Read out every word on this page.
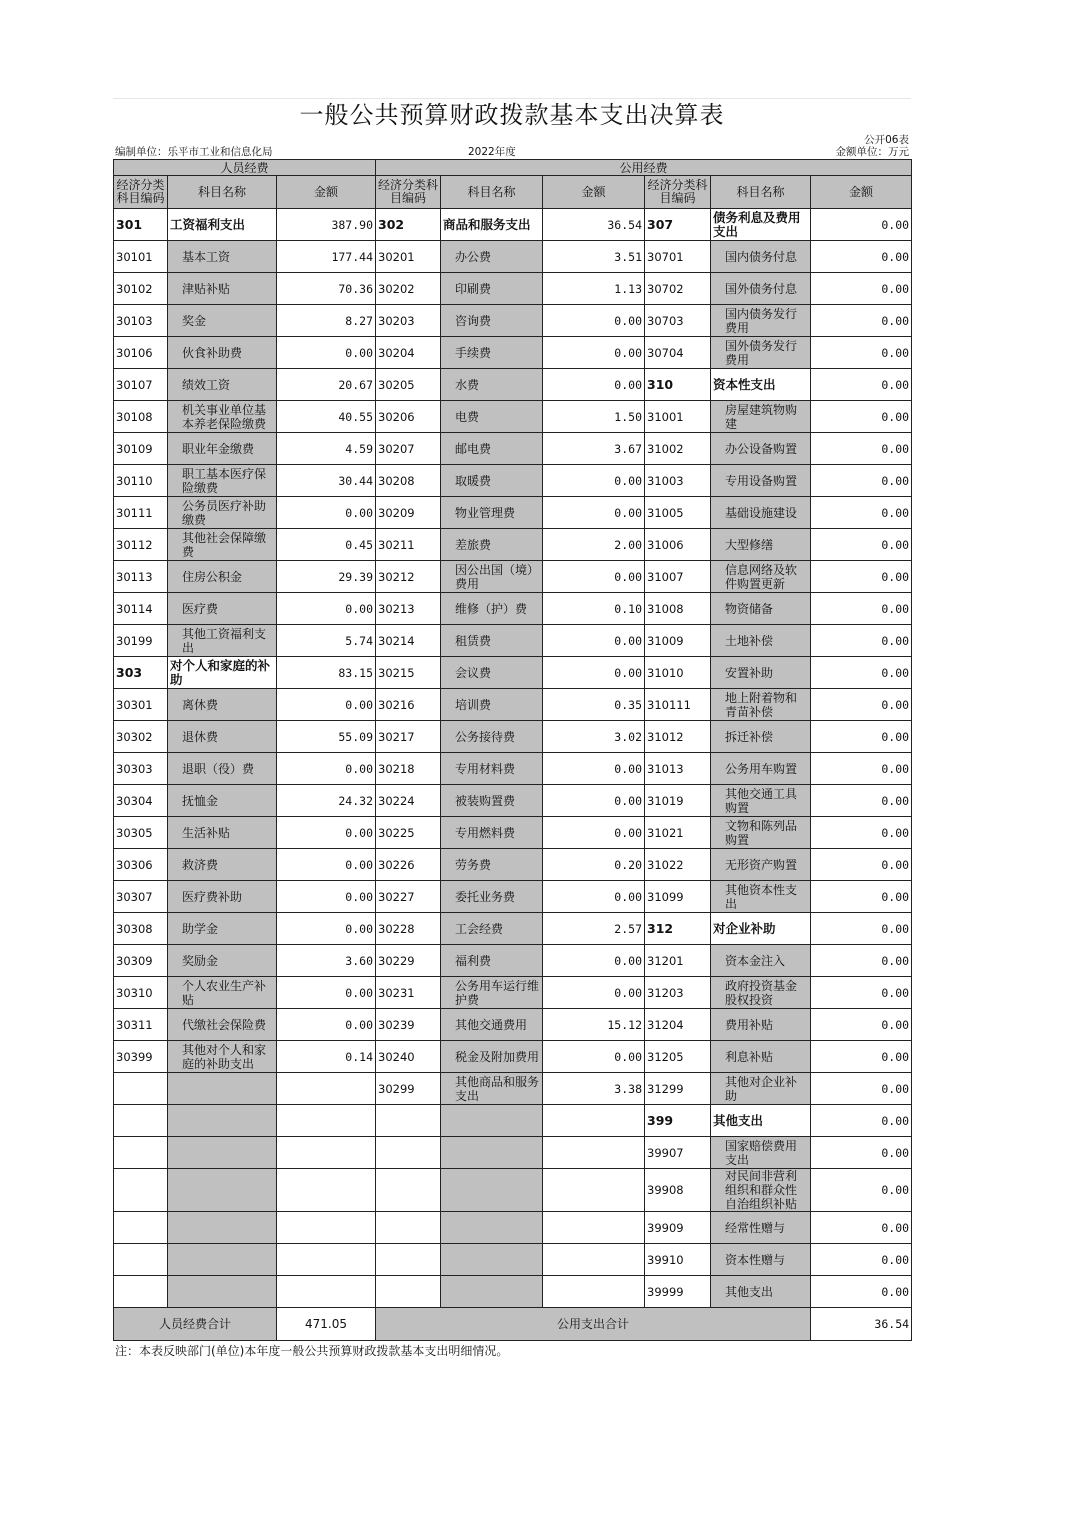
一般公共预算财政拨款基本支出决算表
公开06表
编制单位：乐平市工业和信息化局	2022年度	金额单位：万元
人员经费			公用经费					
经济分类科目编码	科目名称	金额	经济分类科目编码	科目名称	金额	经济分类科目编码	科目名称	金额
301	工资福利支出	387.90	302	商品和服务支出	36.54	307	债务利息及费用支出	0.00
30101	基本工资	177.44	30201	办公费	3.51	30701	国内债务付息	0.00
30102	津贴补贴	70.36	30202	印刷费	1.13	30702	国外债务付息	0.00
30103	奖金	8.27	30203	咨询费	0.00	30703	国内债务发行费用	0.00
30106	伙食补助费	0.00	30204	手续费	0.00	30704	国外债务发行费用	0.00
30107	绩效工资	20.67	30205	水费	0.00	310	资本性支出	0.00
30108	机关事业单位基本养老保险缴费	40.55	30206	电费	1.50	31001	房屋建筑物购建	0.00
30109	职业年金缴费	4.59	30207	邮电费	3.67	31002	办公设备购置	0.00
30110	职工基本医疗保险缴费	30.44	30208	取暖费	0.00	31003	专用设备购置	0.00
30111	公务员医疗补助缴费	0.00	30209	物业管理费	0.00	31005	基础设施建设	0.00
30112	其他社会保障缴费	0.45	30211	差旅费	2.00	31006	大型修缮	0.00
30113	住房公积金	29.39	30212	因公出国（境）费用	0.00	31007	信息网络及软件购置更新	0.00
30114	医疗费	0.00	30213	维修（护）费	0.10	31008	物资储备	0.00
30199	其他工资福利支出	5.74	30214	租赁费	0.00	31009	土地补偿	0.00
303	对个人和家庭的补助	83.15	30215	会议费	0.00	31010	安置补助	0.00
30301	离休费	0.00	30216	培训费	0.35	310111	地上附着物和青苗补偿	0.00
30302	退休费	55.09	30217	公务接待费	3.02	31012	拆迁补偿	0.00
30303	退职（役）费	0.00	30218	专用材料费	0.00	31013	公务用车购置	0.00
30304	抚恤金	24.32	30224	被装购置费	0.00	31019	其他交通工具购置	0.00
30305	生活补贴	0.00	30225	专用燃料费	0.00	31021	文物和陈列品购置	0.00
30306	救济费	0.00	30226	劳务费	0.20	31022	无形资产购置	0.00
30307	医疗费补助	0.00	30227	委托业务费	0.00	31099	其他资本性支出	0.00
30308	助学金	0.00	30228	工会经费	2.57	312	对企业补助	0.00
30309	奖励金	3.60	30229	福利费	0.00	31201	资本金注入	0.00
30310	个人农业生产补贴	0.00	30231	公务用车运行维护费	0.00	31203	政府投资基金股权投资	0.00
30311	代缴社会保险费	0.00	30239	其他交通费用	15.12	31204	费用补贴	0.00
30399	其他对个人和家庭的补助支出	0.14	30240	税金及附加费用	0.00	31205	利息补贴	0.00
			30299	其他商品和服务支出	3.38	31299	其他对企业补助	0.00
						399	其他支出	0.00
						39907	国家赔偿费用支出	0.00
						39908	对民间非营利组织和群众性自治组织补贴	0.00
						39909	经常性赠与	0.00
						39910	资本性赠与	0.00
						39999	其他支出	0.00
人员经费合计		471.05	公用支出合计					36.54
注：本表反映部门(单位)本年度一般公共预算财政拨款基本支出明细情况。
